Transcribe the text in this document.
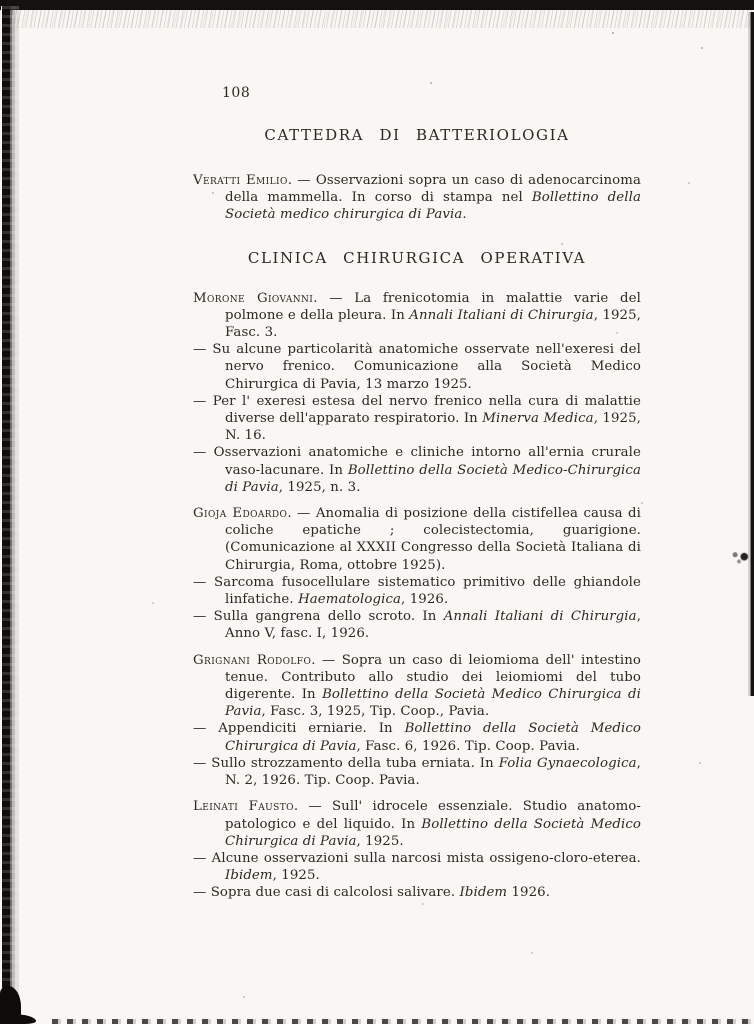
108
CATTEDRA DI BATTERIOLOGIA

Veratti Emilio. — Osservazioni sopra un caso di adenocarcinoma della mammella. In corso di stampa nel Bollettino della Società medico chirurgica di Pavia.

CLINICA CHIRURGICA OPERATIVA

Morone Giovanni. — La frenicotomia in malattie varie del polmone e della pleura. In Annali Italiani di Chirurgia, 1925, Fasc. 3.

— Su alcune particolarità anatomiche osservate nell'exeresi del nervo frenico. Comunicazione alla Società Medico Chirurgica di Pavia, 13 marzo 1925.

— Per l' exeresi estesa del nervo frenico nella cura di malattie diverse dell'apparato respiratorio. In Minerva Medica, 1925, N. 16.

— Osservazioni anatomiche e cliniche intorno all'ernia crurale vaso-lacunare. In Bollettino della Società Medico-Chirurgica di Pavia, 1925, n. 3.

Gioja Edoardo. — Anomalia di posizione della cistifellea causa di coliche epatiche ; colecistectomia, guarigione. (Comunicazione al XXXII Congresso della Società Italiana di Chirurgia, Roma, ottobre 1925).

— Sarcoma fusocellulare sistematico primitivo delle ghiandole linfatiche. Haematologica, 1926.

— Sulla gangrena dello scroto. In Annali Italiani di Chirurgia, Anno V, fasc. I, 1926.

Grignani Rodolfo. — Sopra un caso di leiomioma dell' intestino tenue. Contributo allo studio dei leiomiomi del tubo digerente. In Bollettino della Società Medico Chirurgica di Pavia, Fasc. 3, 1925, Tip. Coop., Pavia.

— Appendiciti erniarie. In Bollettino della Società Medico Chirurgica di Pavia, Fasc. 6, 1926. Tip. Coop. Pavia.

— Sullo strozzamento della tuba erniata. In Folia Gynaecologica, N. 2, 1926. Tip. Coop. Pavia.

Leinati Fausto. — Sull' idrocele essenziale. Studio anatomo-patologico e del liquido. In Bollettino della Società Medico Chirurgica di Pavia, 1925.

— Alcune osservazioni sulla narcosi mista ossigeno-cloro-eterea. Ibidem, 1925.

— Sopra due casi di calcolosi salivare. Ibidem 1926.
